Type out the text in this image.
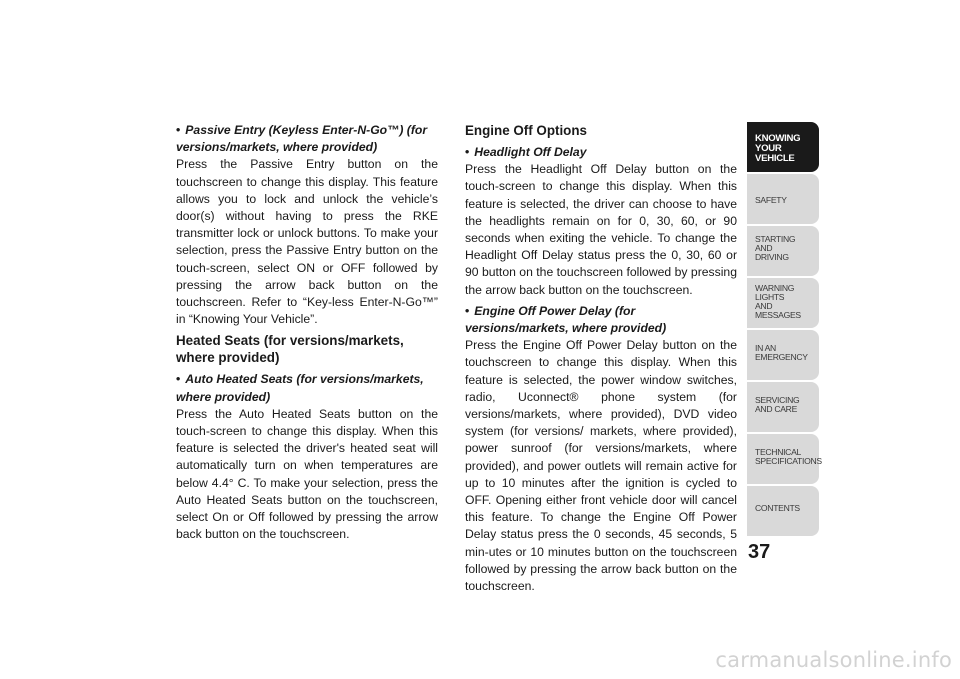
• Passive Entry (Keyless Enter-N-Go™) (for versions/markets, where provided)

Press the Passive Entry button on the touchscreen to change this display. This feature allows you to lock and unlock the vehicle’s door(s) without having to press the RKE transmitter lock or unlock buttons. To make your selection, press the Passive Entry button on the touch-screen, select ON or OFF followed by pressing the arrow back button on the touchscreen. Refer to “Key-less Enter-N-Go™” in “Knowing Your Vehicle”.

Heated Seats (for versions/markets, where provided)
• Auto Heated Seats (for versions/markets, where provided)

Press the Auto Heated Seats button on the touch-screen to change this display. When this feature is selected the driver's heated seat will automatically turn on when temperatures are below 4.4° C. To make your selection, press the Auto Heated Seats button on the touchscreen, select On or Off followed by pressing the arrow back button on the touchscreen.

Engine Off Options
• Headlight Off Delay

Press the Headlight Off Delay button on the touch-screen to change this display. When this feature is selected, the driver can choose to have the headlights remain on for 0, 30, 60, or 90 seconds when exiting the vehicle. To change the Headlight Off Delay status press the 0, 30, 60 or 90 button on the touchscreen followed by pressing the arrow back button on the touchscreen.

• Engine Off Power Delay (for versions/markets, where provided)

Press the Engine Off Power Delay button on the touchscreen to change this display. When this feature is selected, the power window switches, radio, Uconnect® phone system (for versions/markets, where provided), DVD video system (for versions/ markets, where provided), power sunroof (for versions/markets, where provided), and power outlets will remain active for up to 10 minutes after the ignition is cycled to OFF. Opening either front vehicle door will cancel this feature. To change the Engine Off Power Delay status press the 0 seconds, 45 seconds, 5 min-utes or 10 minutes button on the touchscreen followed by pressing the arrow back button on the touchscreen.

KNOWING
YOUR
VEHICLE
SAFETY
STARTING
AND
DRIVING
WARNING
LIGHTS
AND
MESSAGES
IN AN
EMERGENCY
SERVICING
AND CARE
TECHNICAL
SPECIFICATIONS
CONTENTS
37
carmanualsonline.info
